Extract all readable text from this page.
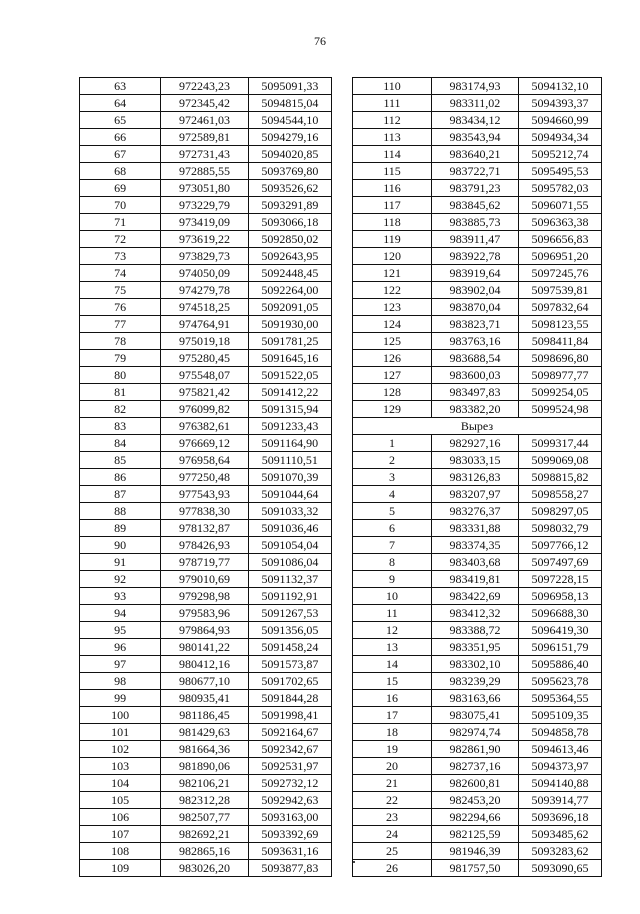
76
63	972243,23	5095091,33
64	972345,42	5094815,04
65	972461,03	5094544,10
66	972589,81	5094279,16
67	972731,43	5094020,85
68	972885,55	5093769,80
69	973051,80	5093526,62
70	973229,79	5093291,89
71	973419,09	5093066,18
72	973619,22	5092850,02
73	973829,73	5092643,95
74	974050,09	5092448,45
75	974279,78	5092264,00
76	974518,25	5092091,05
77	974764,91	5091930,00
78	975019,18	5091781,25
79	975280,45	5091645,16
80	975548,07	5091522,05
81	975821,42	5091412,22
82	976099,82	5091315,94
83	976382,61	5091233,43
84	976669,12	5091164,90
85	976958,64	5091110,51
86	977250,48	5091070,39
87	977543,93	5091044,64
88	977838,30	5091033,32
89	978132,87	5091036,46
90	978426,93	5091054,04
91	978719,77	5091086,04
92	979010,69	5091132,37
93	979298,98	5091192,91
94	979583,96	5091267,53
95	979864,93	5091356,05
96	980141,22	5091458,24
97	980412,16	5091573,87
98	980677,10	5091702,65
99	980935,41	5091844,28
100	981186,45	5091998,41
101	981429,63	5092164,67
102	981664,36	5092342,67
103	981890,06	5092531,97
104	982106,21	5092732,12
105	982312,28	5092942,63
106	982507,77	5093163,00
107	982692,21	5093392,69
108	982865,16	5093631,16
109	983026,20	5093877,83
110	983174,93	5094132,10
111	983311,02	5094393,37
112	983434,12	5094660,99
113	983543,94	5094934,34
114	983640,21	5095212,74
115	983722,71	5095495,53
116	983791,23	5095782,03
117	983845,62	5096071,55
118	983885,73	5096363,38
119	983911,47	5096656,83
120	983922,78	5096951,20
121	983919,64	5097245,76
122	983902,04	5097539,81
123	983870,04	5097832,64
124	983823,71	5098123,55
125	983763,16	5098411,84
126	983688,54	5098696,80
127	983600,03	5098977,77
128	983497,83	5099254,05
129	983382,20	5099524,98
Вырез		
1	982927,16	5099317,44
2	983033,15	5099069,08
3	983126,83	5098815,82
4	983207,97	5098558,27
5	983276,37	5098297,05
6	983331,88	5098032,79
7	983374,35	5097766,12
8	983403,68	5097497,69
9	983419,81	5097228,15
10	983422,69	5096958,13
11	983412,32	5096688,30
12	983388,72	5096419,30
13	983351,95	5096151,79
14	983302,10	5095886,40
15	983239,29	5095623,78
16	983163,66	5095364,55
17	983075,41	5095109,35
18	982974,74	5094858,78
19	982861,90	5094613,46
20	982737,16	5094373,97
21	982600,81	5094140,88
22	982453,20	5093914,77
23	982294,66	5093696,18
24	982125,59	5093485,62
25	981946,39	5093283,62
26	981757,50	5093090,65
